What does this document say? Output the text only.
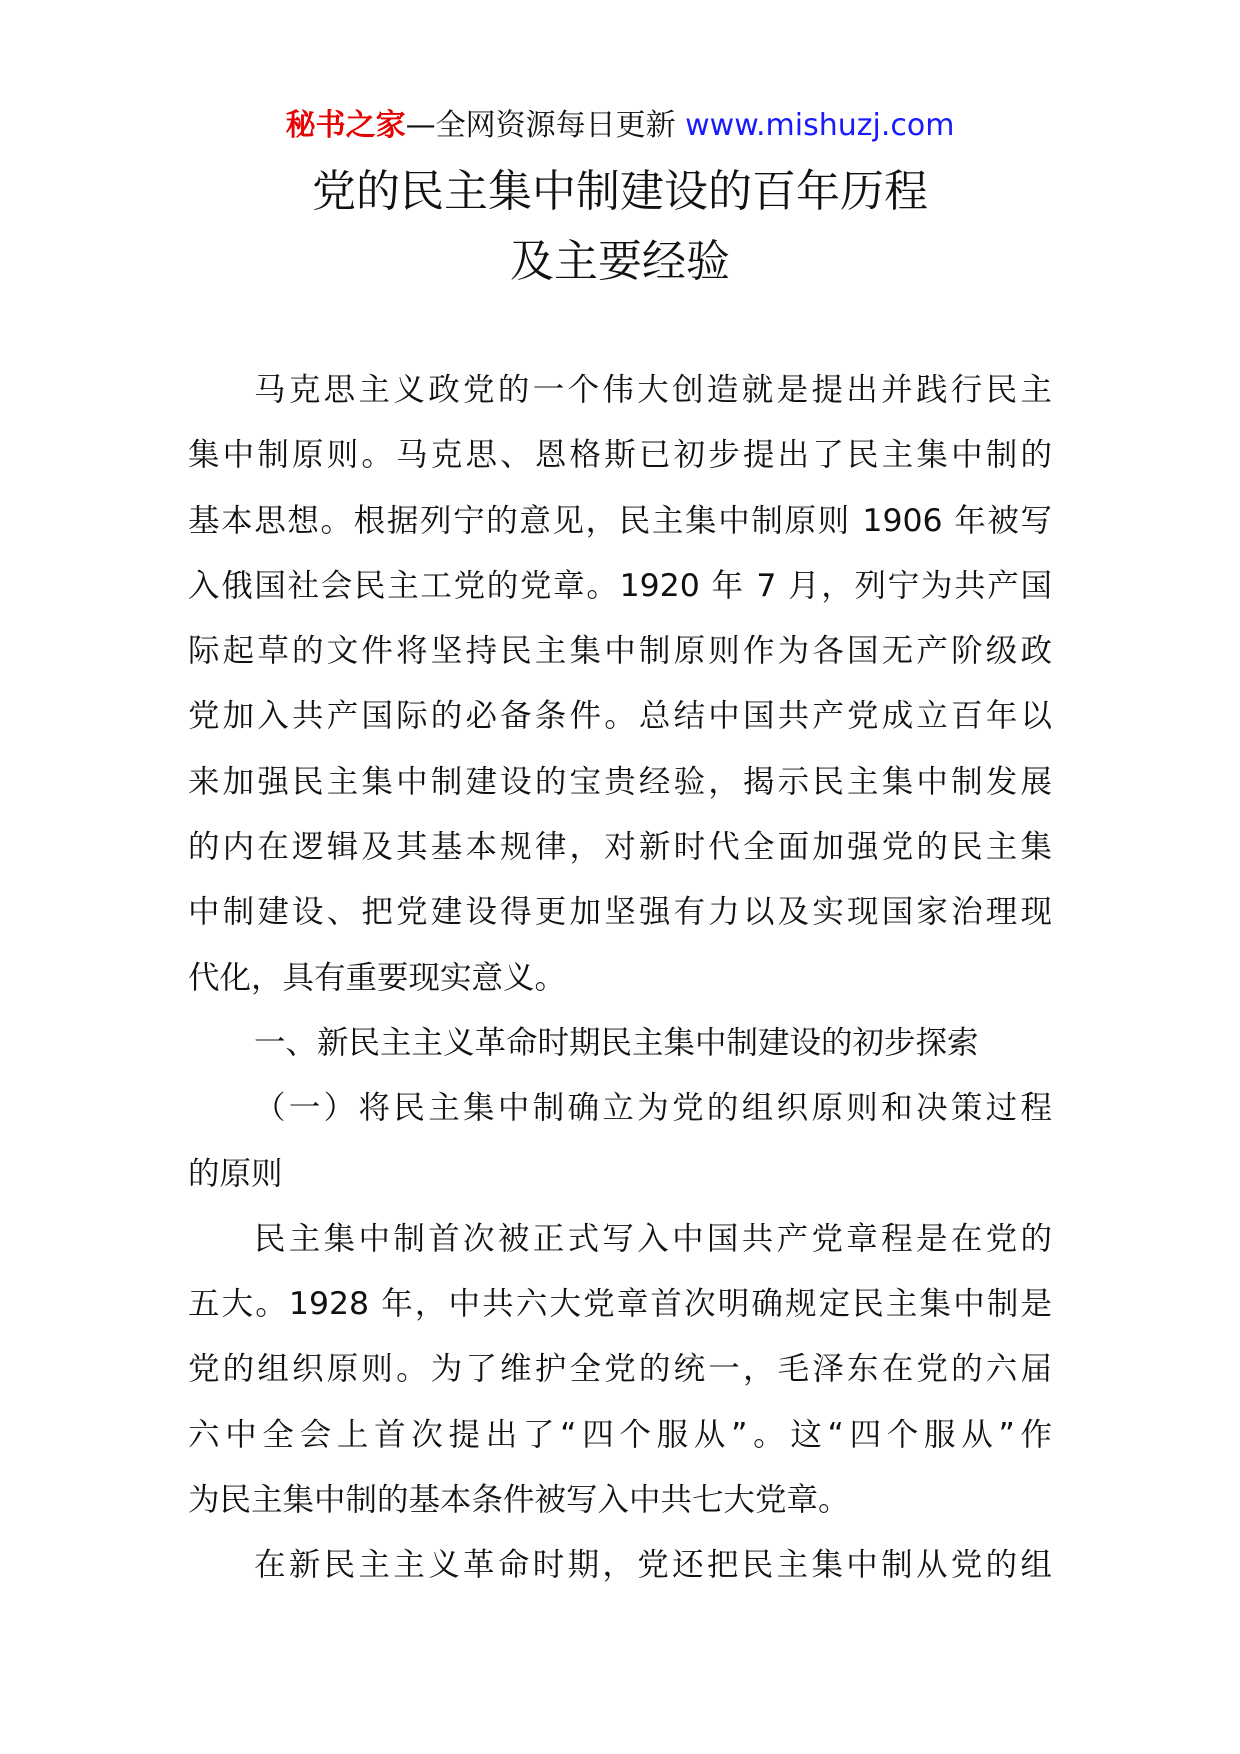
秘书之家—全网资源每日更新 www.mishuzj.com
党的民主集中制建设的百年历程
及主要经验
马克思主义政党的一个伟大创造就是提出并践行民主
集中制原则。马克思、恩格斯已初步提出了民主集中制的
基本思想。根据列宁的意见，民主集中制原则 1906 年被写
入俄国社会民主工党的党章。1920 年 7 月，列宁为共产国
际起草的文件将坚持民主集中制原则作为各国无产阶级政
党加入共产国际的必备条件。总结中国共产党成立百年以
来加强民主集中制建设的宝贵经验，揭示民主集中制发展
的内在逻辑及其基本规律，对新时代全面加强党的民主集
中制建设、把党建设得更加坚强有力以及实现国家治理现
代化，具有重要现实意义。
一、新民主主义革命时期民主集中制建设的初步探索
（一）将民主集中制确立为党的组织原则和决策过程
的原则
民主集中制首次被正式写入中国共产党章程是在党的
五大。1928 年，中共六大党章首次明确规定民主集中制是
党的组织原则。为了维护全党的统一，毛泽东在党的六届
六中全会上首次提出了“四个服从”。这“四个服从”作
为民主集中制的基本条件被写入中共七大党章。
在新民主主义革命时期，党还把民主集中制从党的组
